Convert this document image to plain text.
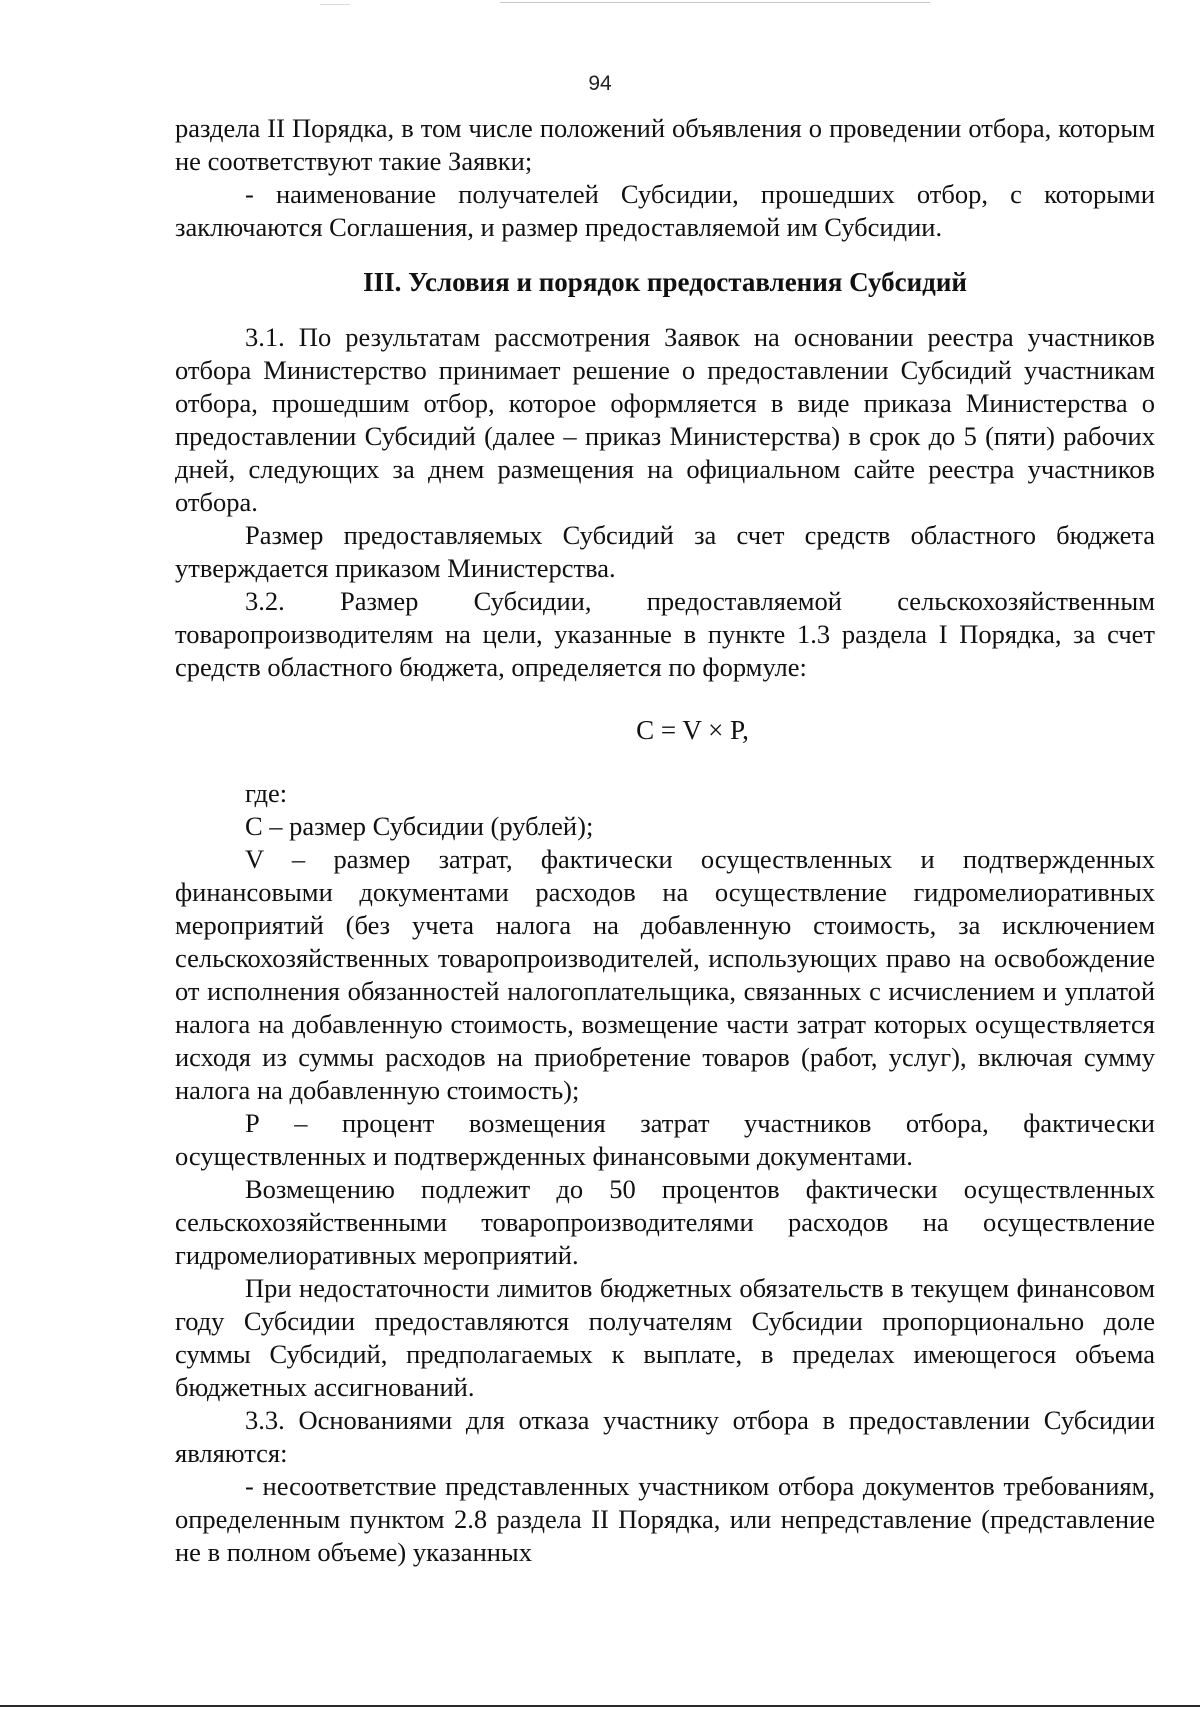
94

раздела II Порядка, в том числе положений объявления о проведении отбора, которым не соответствуют такие Заявки;

- наименование получателей Субсидии, прошедших отбор, с которыми заключаются Соглашения, и размер предоставляемой им Субсидии.

III. Условия и порядок предоставления Субсидий

3.1. По результатам рассмотрения Заявок на основании реестра участников отбора Министерство принимает решение о предоставлении Субсидий участникам отбора, прошедшим отбор, которое оформляется в виде приказа Министерства о предоставлении Субсидий (далее – приказ Министерства) в срок до 5 (пяти) рабочих дней, следующих за днем размещения на официальном сайте реестра участников отбора.

Размер предоставляемых Субсидий за счет средств областного бюджета утверждается приказом Министерства.

3.2. Размер Субсидии, предоставляемой сельскохозяйственным товаропроизводителям на цели, указанные в пункте 1.3 раздела I Порядка, за счет средств областного бюджета, определяется по формуле:

C = V × P,

где:

С – размер Субсидии (рублей);

V – размер затрат, фактически осуществленных и подтвержденных финансовыми документами расходов на осуществление гидромелиоративных мероприятий (без учета налога на добавленную стоимость, за исключением сельскохозяйственных товаропроизводителей, использующих право на освобождение от исполнения обязанностей налогоплательщика, связанных с исчислением и уплатой налога на добавленную стоимость, возмещение части затрат которых осуществляется исходя из суммы расходов на приобретение товаров (работ, услуг), включая сумму налога на добавленную стоимость);

Р – процент возмещения затрат участников отбора, фактически осуществленных и подтвержденных финансовыми документами.

Возмещению подлежит до 50 процентов фактически осуществленных сельскохозяйственными товаропроизводителями расходов на осуществление гидромелиоративных мероприятий.

При недостаточности лимитов бюджетных обязательств в текущем финансовом году Субсидии предоставляются получателям Субсидии пропорционально доле суммы Субсидий, предполагаемых к выплате, в пределах имеющегося объема бюджетных ассигнований.

3.3. Основаниями для отказа участнику отбора в предоставлении Субсидии являются:

- несоответствие представленных участником отбора документов требованиям, определенным пунктом 2.8 раздела II Порядка, или непредставление (представление не в полном объеме) указанных
